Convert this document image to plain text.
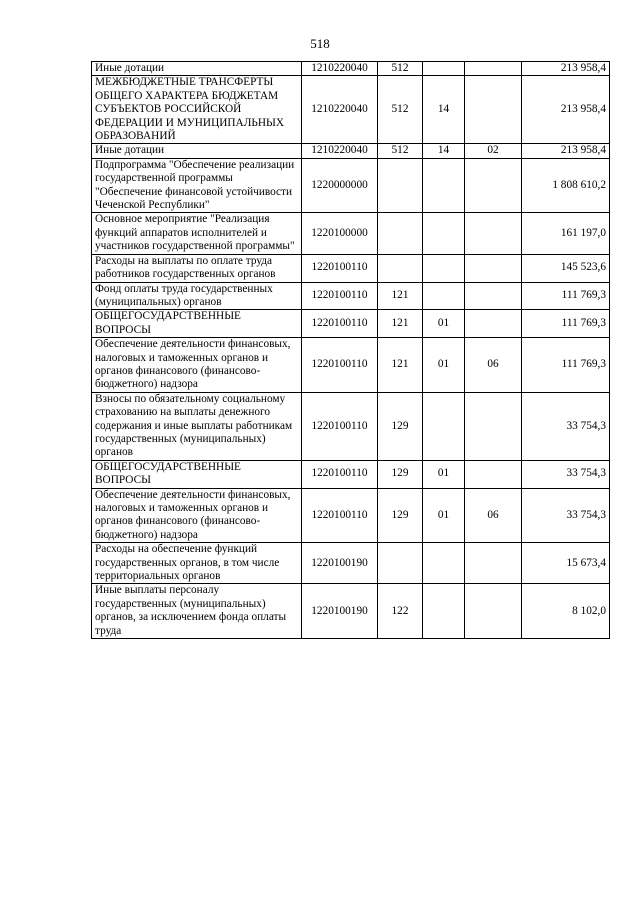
518
Иные дотации	1210220040	512			213 958,4
МЕЖБЮДЖЕТНЫЕ ТРАНСФЕРТЫ ОБЩЕГО ХАРАКТЕРА БЮДЖЕТАМ СУБЪЕКТОВ РОССИЙСКОЙ ФЕДЕРАЦИИ И МУНИЦИПАЛЬНЫХ ОБРАЗОВАНИЙ	1210220040	512	14		213 958,4
Иные дотации	1210220040	512	14	02	213 958,4
Подпрограмма "Обеспечение реализации государственной программы "Обеспечение финансовой устойчивости Чеченской Республики"	1220000000				1 808 610,2
Основное мероприятие "Реализация функций аппаратов исполнителей и участников государственной программы"	1220100000				161 197,0
Расходы на выплаты по оплате труда работников государственных органов	1220100110				145 523,6
Фонд оплаты труда государственных (муниципальных) органов	1220100110	121			111 769,3
ОБЩЕГОСУДАРСТВЕННЫЕ ВОПРОСЫ	1220100110	121	01		111 769,3
Обеспечение деятельности финансовых, налоговых и таможенных органов и органов финансового (финансово-бюджетного) надзора	1220100110	121	01	06	111 769,3
Взносы по обязательному социальному страхованию на выплаты денежного содержания и иные выплаты работникам государственных (муниципальных) органов	1220100110	129			33 754,3
ОБЩЕГОСУДАРСТВЕННЫЕ ВОПРОСЫ	1220100110	129	01		33 754,3
Обеспечение деятельности финансовых, налоговых и таможенных органов и органов финансового (финансово-бюджетного) надзора	1220100110	129	01	06	33 754,3
Расходы на обеспечение функций государственных органов, в том числе территориальных органов	1220100190				15 673,4
Иные выплаты персоналу государственных (муниципальных) органов, за исключением фонда оплаты труда	1220100190	122			8 102,0
